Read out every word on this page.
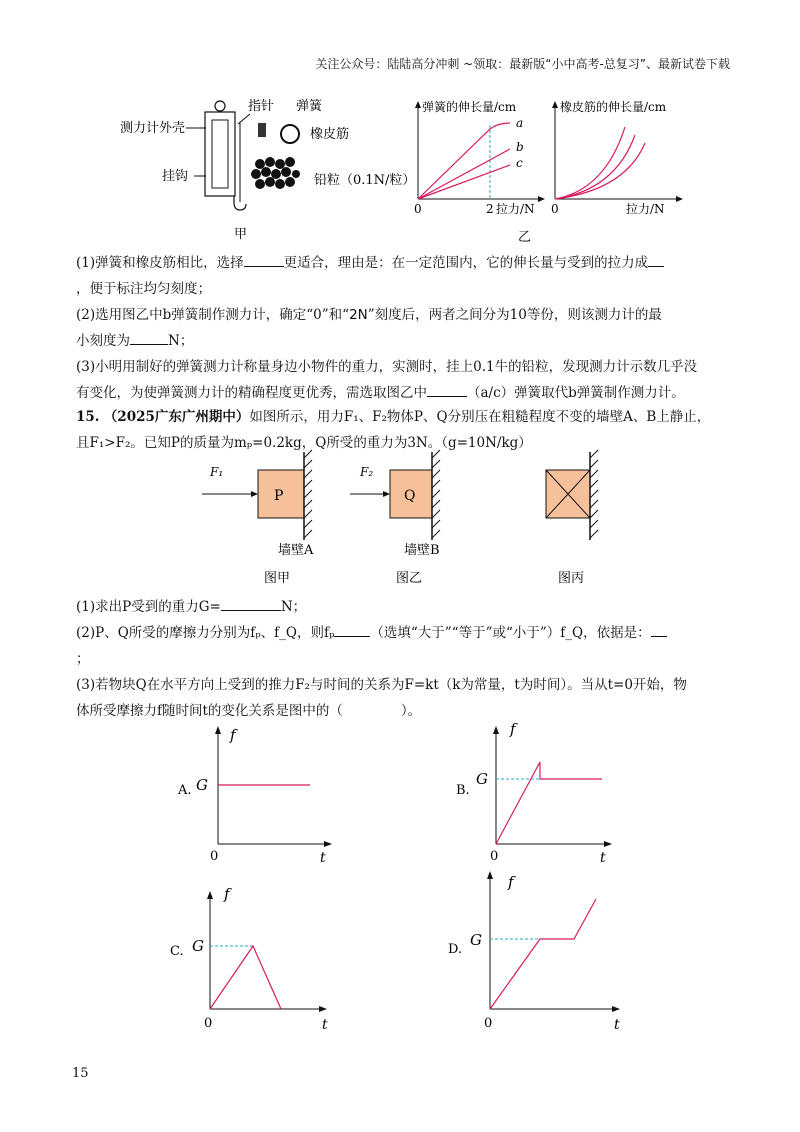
关注公众号：陆陆高分冲刺 ~领取：最新版“小中高考-总复习”、最新试卷下载
测力计外壳
指针 弹簧
橡皮筋
挂钩	铅粒（0.1N/粒）
甲
弹簧的伸长量/cm
0	2 拉力/N
a
b
c
橡皮筋的伸长量/cm
0	拉力/N
乙
(1)弹簧和橡皮筋相比，选择	更适合，理由是：在一定范围内，它的伸长量与受到的拉力成
，便于标注均匀刻度；
(2)选用图乙中b弹簧制作测力计，确定“0”和“2N”刻度后，两者之间分为10等份，则该测力计的最
小刻度为	N；
(3)小明用制好的弹簧测力计称量身边小物件的重力，实测时，挂上0.1牛的铅粒，发现测力计示数几乎没
有变化，为使弹簧测力计的精确程度更优秀，需选取图乙中	（a/c）弹簧取代b弹簧制作测力计。
15. （2025广东广州期中）如图所示，用力F₁、F₂物体P、Q分别压在粗糙程度不变的墙壁A、B上静止，
且F₁>F₂。已知P的质量为mₚ=0.2kg，Q所受的重力为3N。（g=10N/kg）
F₁
P
墙壁A
图甲
F₂
Q
墙壁B
图乙	图丙
(1)求出P受到的重力G=	N；
(2)P、Q所受的摩擦力分别为fₚ、f_Q，则fₚ	（选填“大于”“等于”或“小于”）f_Q，依据是：
；
(3)若物块Q在水平方向上受到的推力F₂与时间的关系为F=kt（k为常量，t为时间）。当从t=0开始，物
体所受摩擦力f随时间t的变化关系是图中的（	）。
A.
f
G
0	t
B.
f
G
0	t
C.
f
G
0	t
D.
f
G
0	t
15
